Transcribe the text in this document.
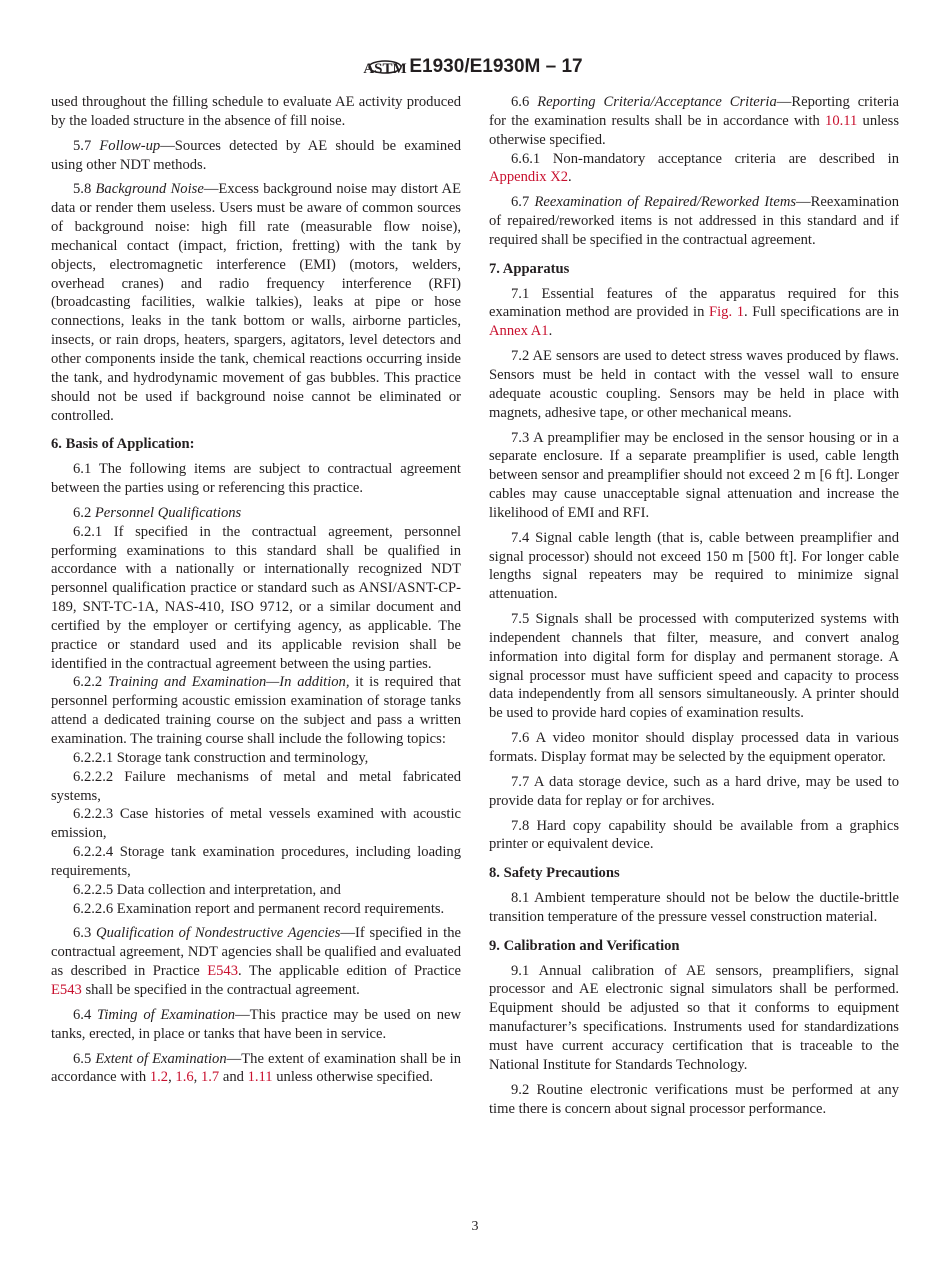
ASTM E1930/E1930M – 17

used throughout the filling schedule to evaluate AE activity produced by the loaded structure in the absence of fill noise.

5.7 Follow-up—Sources detected by AE should be examined using other NDT methods.

5.8 Background Noise—Excess background noise may distort AE data or render them useless. Users must be aware of common sources of background noise: high fill rate (measurable flow noise), mechanical contact (impact, friction, fretting) with the tank by objects, electromagnetic interference (EMI) (motors, welders, overhead cranes) and radio frequency interference (RFI) (broadcasting facilities, walkie talkies), leaks at pipe or hose connections, leaks in the tank bottom or walls, airborne particles, insects, or rain drops, heaters, spargers, agitators, level detectors and other components inside the tank, chemical reactions occurring inside the tank, and hydrodynamic movement of gas bubbles. This practice should not be used if background noise cannot be eliminated or controlled.

6. Basis of Application:

6.1 The following items are subject to contractual agreement between the parties using or referencing this practice.

6.2 Personnel Qualifications

6.2.1 If specified in the contractual agreement, personnel performing examinations to this standard shall be qualified in accordance with a nationally or internationally recognized NDT personnel qualification practice or standard such as ANSI/ASNT-CP-189, SNT-TC-1A, NAS-410, ISO 9712, or a similar document and certified by the employer or certifying agency, as applicable. The practice or standard used and its applicable revision shall be identified in the contractual agreement between the using parties.

6.2.2 Training and Examination—In addition, it is required that personnel performing acoustic emission examination of storage tanks attend a dedicated training course on the subject and pass a written examination. The training course shall include the following topics:

6.2.2.1 Storage tank construction and terminology,

6.2.2.2 Failure mechanisms of metal and metal fabricated systems,

6.2.2.3 Case histories of metal vessels examined with acoustic emission,

6.2.2.4 Storage tank examination procedures, including loading requirements,

6.2.2.5 Data collection and interpretation, and

6.2.2.6 Examination report and permanent record requirements.

6.3 Qualification of Nondestructive Agencies—If specified in the contractual agreement, NDT agencies shall be qualified and evaluated as described in Practice E543. The applicable edition of Practice E543 shall be specified in the contractual agreement.

6.4 Timing of Examination—This practice may be used on new tanks, erected, in place or tanks that have been in service.

6.5 Extent of Examination—The extent of examination shall be in accordance with 1.2, 1.6, 1.7 and 1.11 unless otherwise specified.

6.6 Reporting Criteria/Acceptance Criteria—Reporting criteria for the examination results shall be in accordance with 10.11 unless otherwise specified.

6.6.1 Non-mandatory acceptance criteria are described in Appendix X2.

6.7 Reexamination of Repaired/Reworked Items—Reexamination of repaired/reworked items is not addressed in this standard and if required shall be specified in the contractual agreement.

7. Apparatus

7.1 Essential features of the apparatus required for this examination method are provided in Fig. 1. Full specifications are in Annex A1.

7.2 AE sensors are used to detect stress waves produced by flaws. Sensors must be held in contact with the vessel wall to ensure adequate acoustic coupling. Sensors may be held in place with magnets, adhesive tape, or other mechanical means.

7.3 A preamplifier may be enclosed in the sensor housing or in a separate enclosure. If a separate preamplifier is used, cable length between sensor and preamplifier should not exceed 2 m [6 ft]. Longer cables may cause unacceptable signal attenuation and increase the likelihood of EMI and RFI.

7.4 Signal cable length (that is, cable between preamplifier and signal processor) should not exceed 150 m [500 ft]. For longer cable lengths signal repeaters may be required to minimize signal attenuation.

7.5 Signals shall be processed with computerized systems with independent channels that filter, measure, and convert analog information into digital form for display and permanent storage. A signal processor must have sufficient speed and capacity to process data independently from all sensors simultaneously. A printer should be used to provide hard copies of examination results.

7.6 A video monitor should display processed data in various formats. Display format may be selected by the equipment operator.

7.7 A data storage device, such as a hard drive, may be used to provide data for replay or for archives.

7.8 Hard copy capability should be available from a graphics printer or equivalent device.

8. Safety Precautions

8.1 Ambient temperature should not be below the ductile-brittle transition temperature of the pressure vessel construction material.

9. Calibration and Verification

9.1 Annual calibration of AE sensors, preamplifiers, signal processor and AE electronic signal simulators shall be performed. Equipment should be adjusted so that it conforms to equipment manufacturer’s specifications. Instruments used for standardizations must have current accuracy certification that is traceable to the National Institute for Standards Technology.

9.2 Routine electronic verifications must be performed at any time there is concern about signal processor performance.

3
